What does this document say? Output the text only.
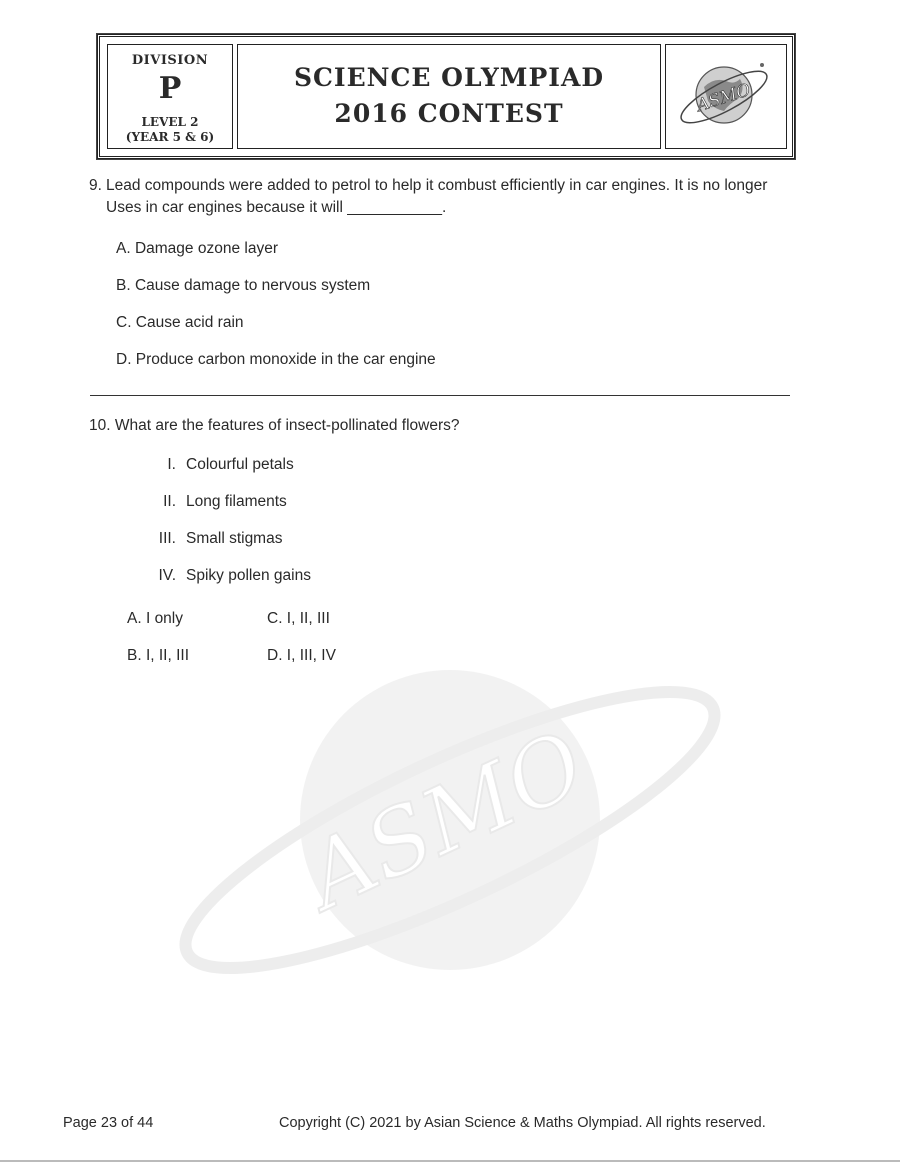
DIVISION
P
LEVEL 2
(YEAR 5 & 6)
SCIENCE OLYMPIAD
2016 CONTEST	ASMO
ASMO
9. Lead compounds were added to petrol to help it combust efficiently in car engines. It is no longer Uses in car engines because it will ___________.
A. Damage ozone layer
B. Cause damage to nervous system
C. Cause acid rain
D. Produce carbon monoxide in the car engine
10. What are the features of insect-pollinated flowers?
I. Colourful petals
II. Long filaments
III. Small stigmas
IV. Spiky pollen gains
A. I only	C. I, II, III
B. I, II, III	D. I, III, IV
Page 23 of 44	Copyright (C) 2021 by Asian Science & Maths Olympiad. All rights reserved.
